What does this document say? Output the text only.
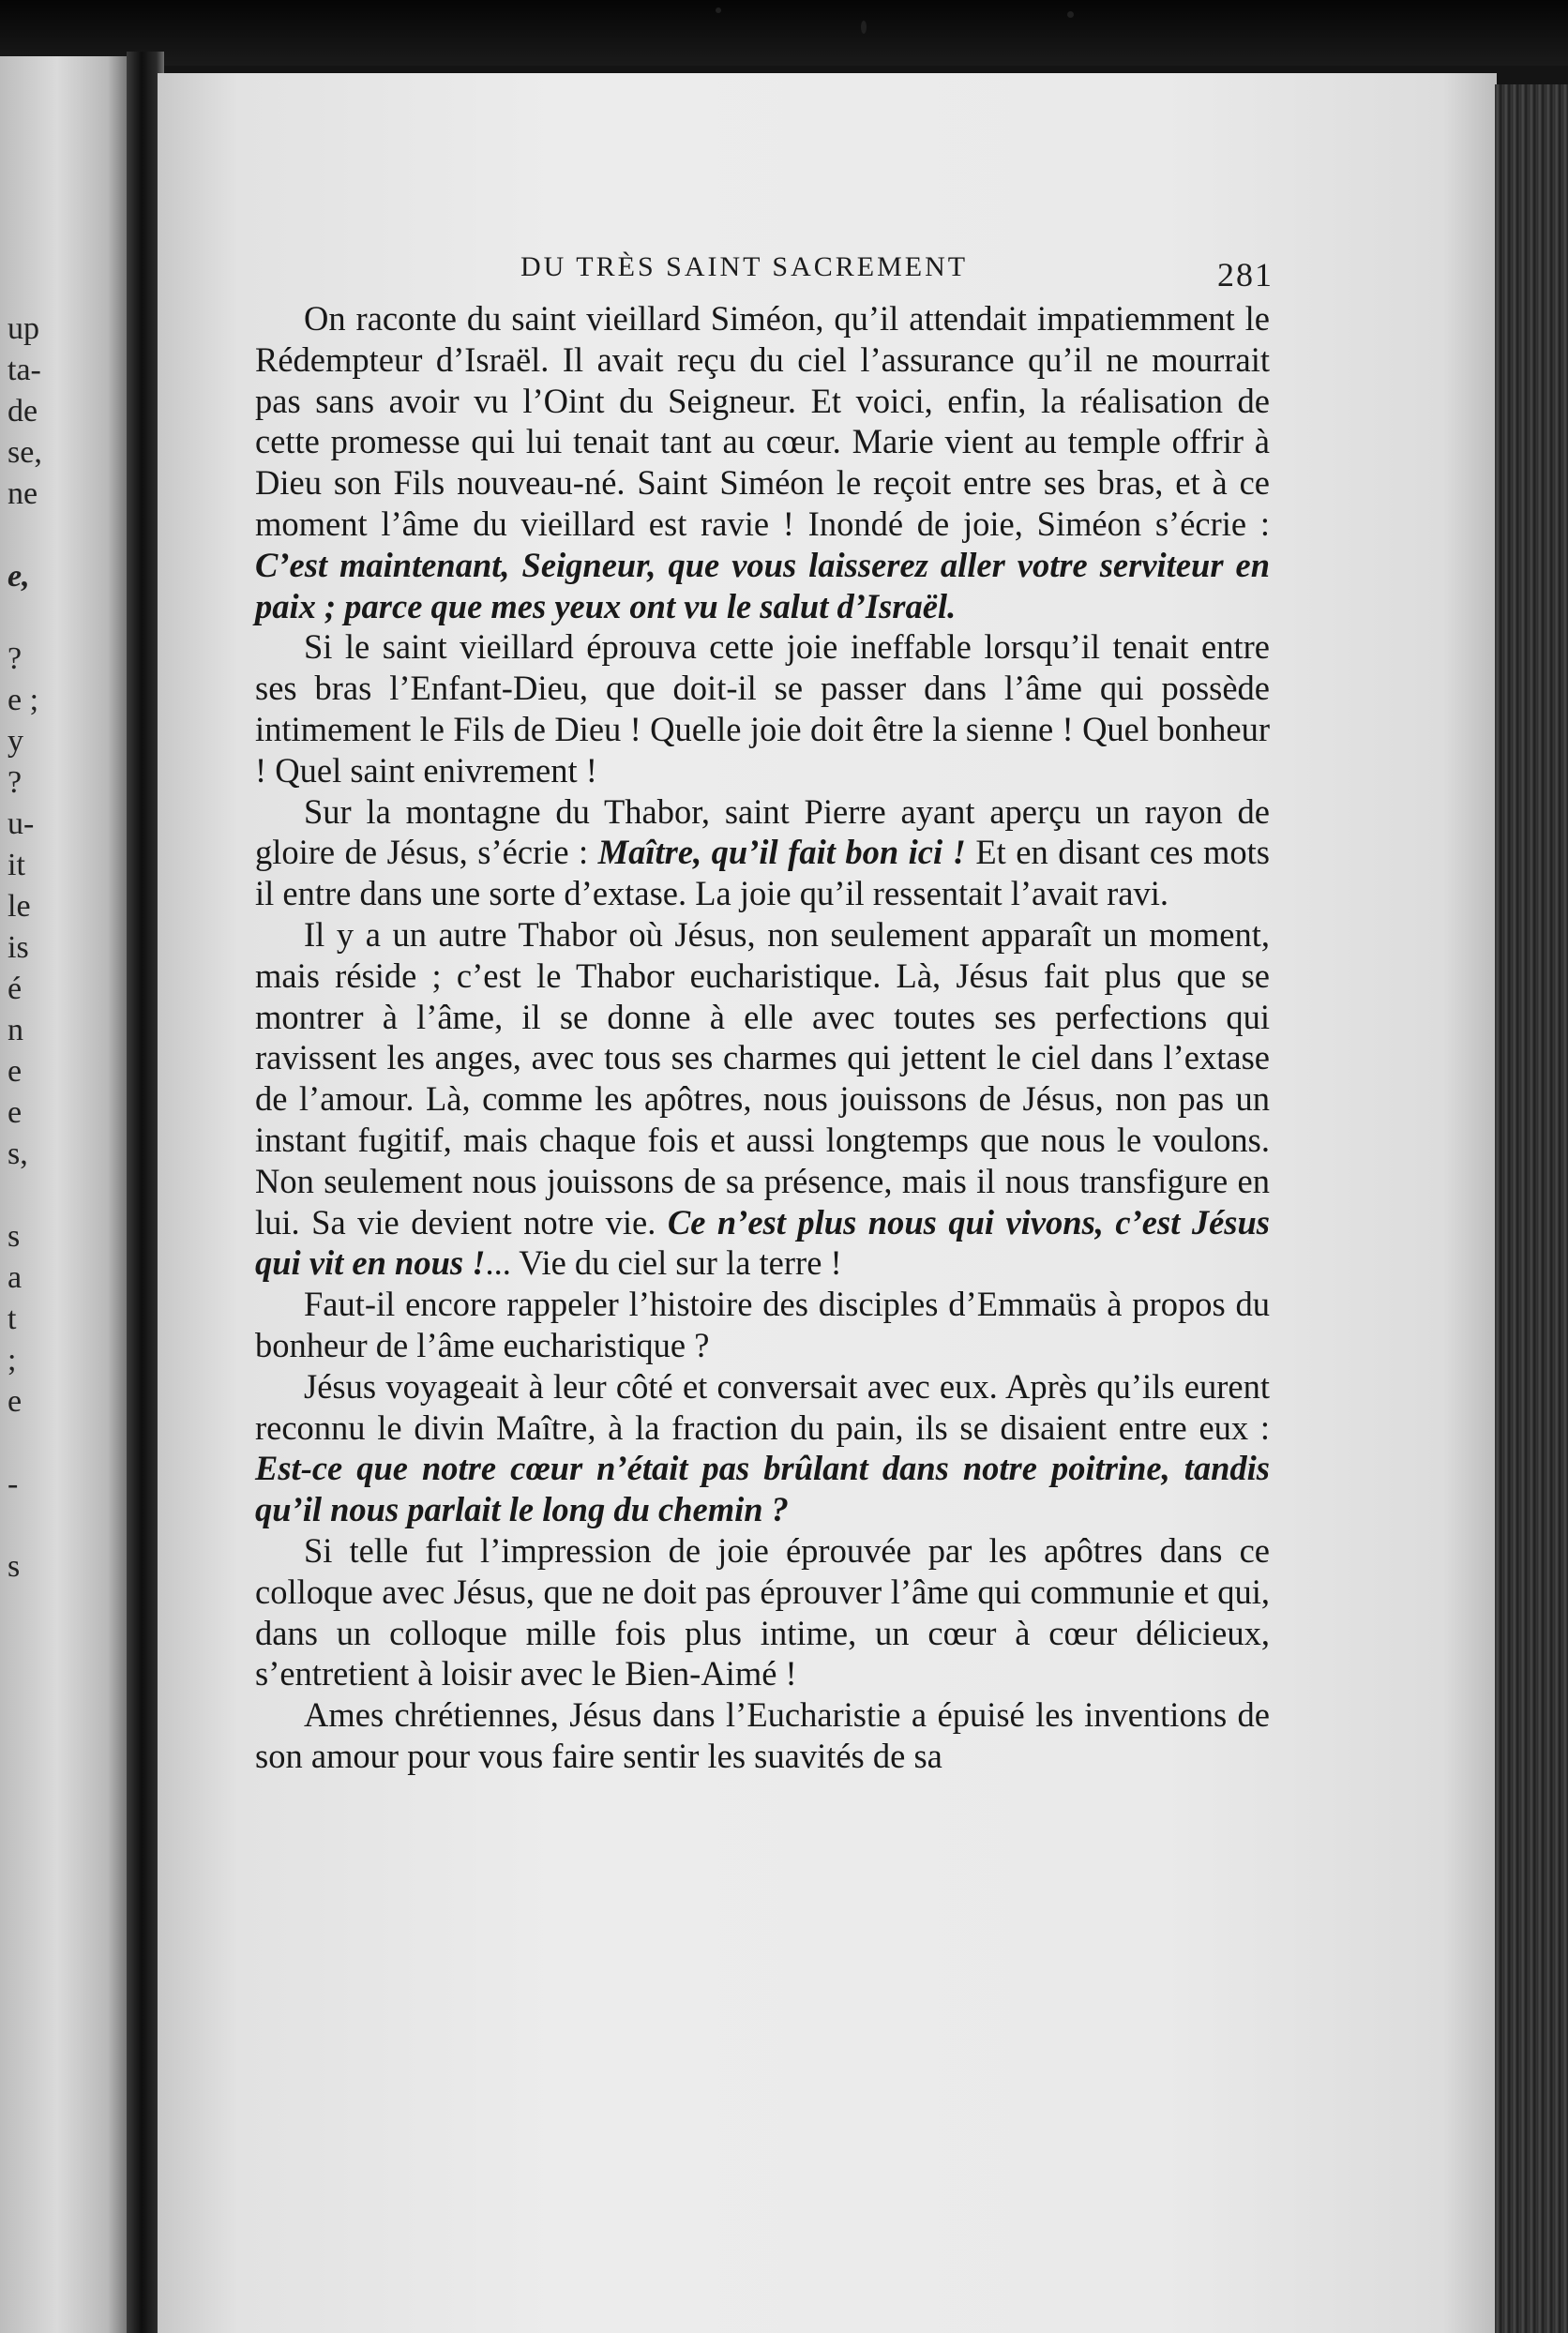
up
ta-
de
se,
ne
e,
?
e ;
y
?
u-
it
le
is
é
n
e
e
s,
s
a
t
;
e
-
s
DU TRÈS SAINT SACREMENT	281

On raconte du saint vieillard Siméon, qu’il attendait impatiemment le Rédempteur d’Israël. Il avait reçu du ciel l’assurance qu’il ne mourrait pas sans avoir vu l’Oint du Seigneur. Et voici, enfin, la réalisation de cette promesse qui lui tenait tant au cœur. Marie vient au temple offrir à Dieu son Fils nouveau-né. Saint Siméon le reçoit entre ses bras, et à ce moment l’âme du vieillard est ravie ! Inondé de joie, Siméon s’écrie : C’est maintenant, Seigneur, que vous laisserez aller votre serviteur en paix ; parce que mes yeux ont vu le salut d’Israël.

Si le saint vieillard éprouva cette joie ineffable lorsqu’il tenait entre ses bras l’Enfant-Dieu, que doit-il se passer dans l’âme qui possède intimement le Fils de Dieu ! Quelle joie doit être la sienne ! Quel bonheur ! Quel saint enivrement !

Sur la montagne du Thabor, saint Pierre ayant aperçu un rayon de gloire de Jésus, s’écrie : Maître, qu’il fait bon ici ! Et en disant ces mots il entre dans une sorte d’extase. La joie qu’il ressentait l’avait ravi.

Il y a un autre Thabor où Jésus, non seulement apparaît un moment, mais réside ; c’est le Thabor eucharistique. Là, Jésus fait plus que se montrer à l’âme, il se donne à elle avec toutes ses perfections qui ravissent les anges, avec tous ses charmes qui jettent le ciel dans l’extase de l’amour. Là, comme les apôtres, nous jouissons de Jésus, non pas un instant fugitif, mais chaque fois et aussi longtemps que nous le voulons. Non seulement nous jouissons de sa présence, mais il nous transfigure en lui. Sa vie devient notre vie. Ce n’est plus nous qui vivons, c’est Jésus qui vit en nous !... Vie du ciel sur la terre !

Faut-il encore rappeler l’histoire des disciples d’Emmaüs à propos du bonheur de l’âme eucharistique ?

Jésus voyageait à leur côté et conversait avec eux. Après qu’ils eurent reconnu le divin Maître, à la fraction du pain, ils se disaient entre eux : Est-ce que notre cœur n’était pas brûlant dans notre poitrine, tandis qu’il nous parlait le long du chemin ?

Si telle fut l’impression de joie éprouvée par les apôtres dans ce colloque avec Jésus, que ne doit pas éprouver l’âme qui communie et qui, dans un colloque mille fois plus intime, un cœur à cœur délicieux, s’entretient à loisir avec le Bien-Aimé !

Ames chrétiennes, Jésus dans l’Eucharistie a épuisé les inventions de son amour pour vous faire sentir les suavités de sa
